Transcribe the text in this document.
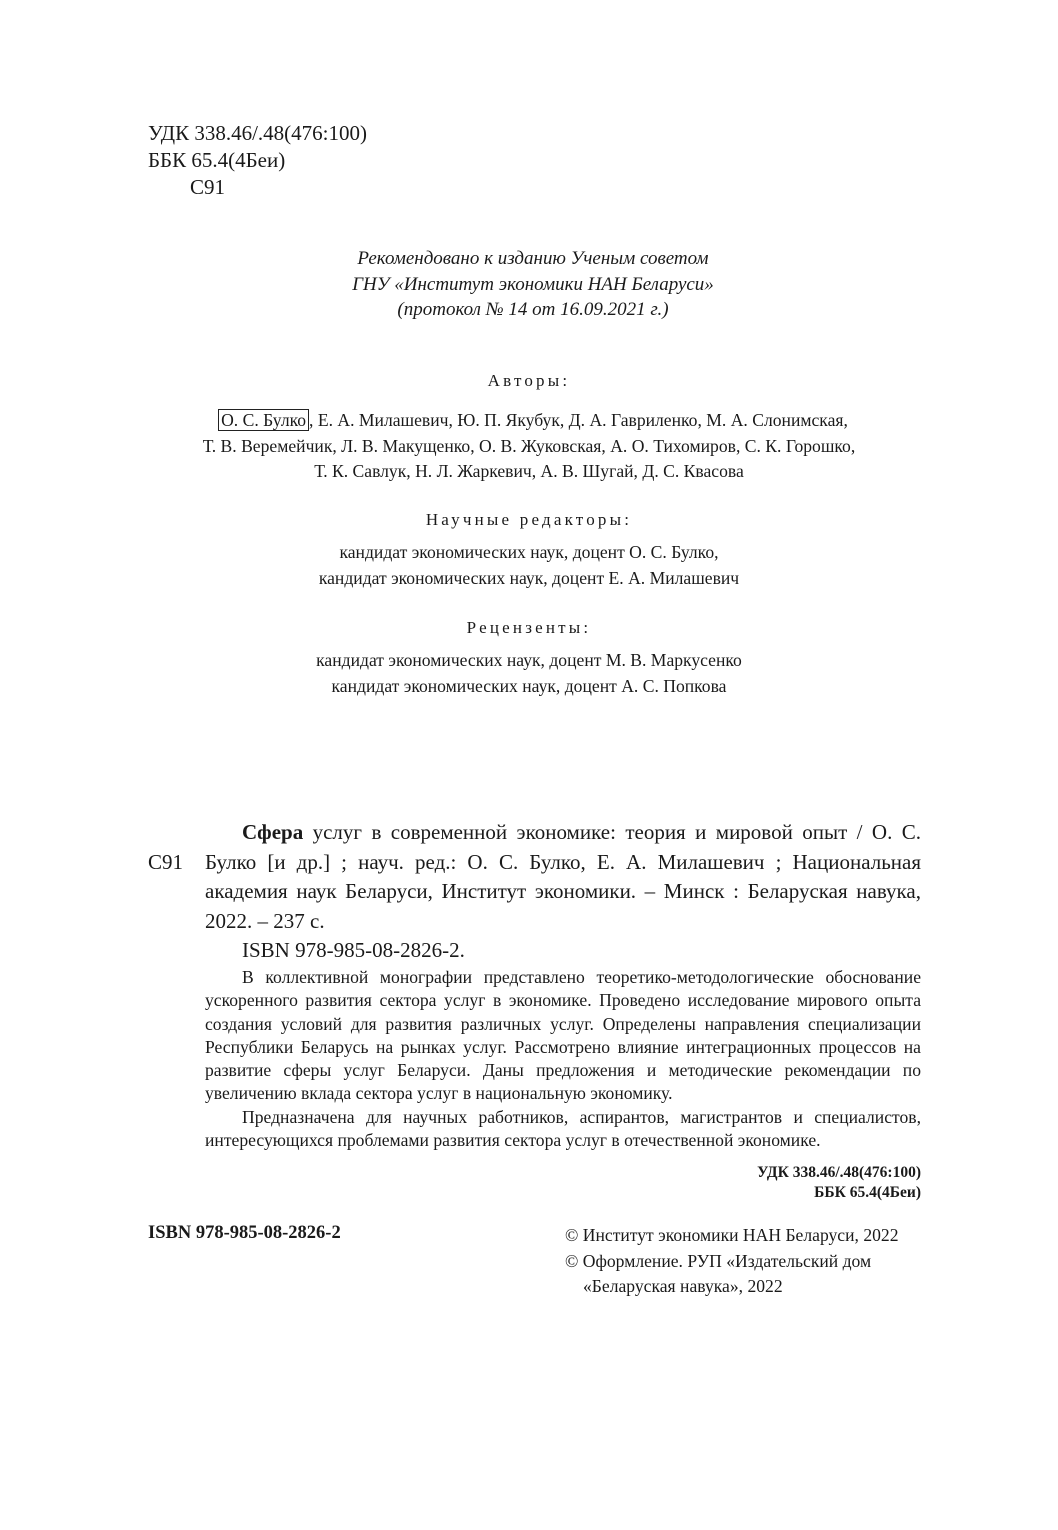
УДК 338.46/.48(476:100)
ББК 65.4(4Беи)
С91
Рекомендовано к изданию Ученым советом
ГНУ «Институт экономики НАН Беларуси»
(протокол № 14 от 16.09.2021 г.)
Авторы:
О. С. Булко , Е. А. Милашевич, Ю. П. Якубук, Д. А. Гавриленко, М. А. Слонимская,
Т. В. Веремейчик, Л. В. Макущенко, О. В. Жуковская, А. О. Тихомиров, С. К. Горошко,
Т. К. Савлук, Н. Л. Жаркевич, А. В. Шугай, Д. С. Квасова
Научные редакторы:
кандидат экономических наук, доцент О. С. Булко,
кандидат экономических наук, доцент Е. А. Милашевич
Рецензенты:
кандидат экономических наук, доцент М. В. Маркусенко
кандидат экономических наук, доцент А. С. Попкова
С91
Сфера услуг в современной экономике: теория и мировой опыт / О. С. Булко [и др.] ; науч. ред.: О. С. Булко, Е. А. Милашевич ; Национальная академия наук Беларуси, Институт экономики. – Минск : Беларуская навука, 2022. – 237 с.
ISBN 978-985-08-2826-2.

В коллективной монографии представлено теоретико-методологические обоснование ускоренного развития сектора услуг в экономике. Проведено исследование мирового опыта создания условий для развития различных услуг. Определены направления специализации Республики Беларусь на рынках услуг. Рассмотрено влияние интеграционных процессов на развитие сферы услуг Беларуси. Даны предложения и методические рекомендации по увеличению вклада сектора услуг в национальную экономику.

Предназначена для научных работников, аспирантов, магистрантов и специалистов, интересующихся проблемами развития сектора услуг в отечественной экономике.

УДК 338.46/.48(476:100)
ББК 65.4(4Беи)
ISBN 978-985-08-2826-2	© Институт экономики НАН Беларуси, 2022
© Оформление. РУП «Издательский дом
«Беларуская навука», 2022
